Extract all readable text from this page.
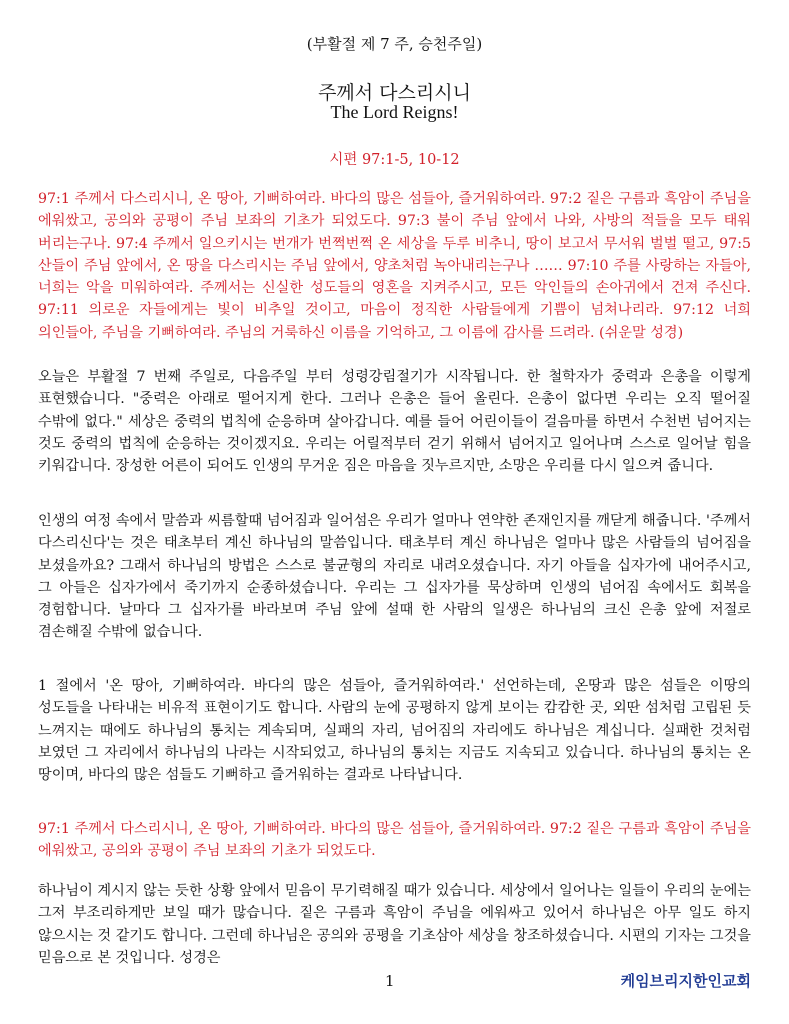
(부활절 제 7 주, 승천주일)
주께서 다스리시니
The Lord Reigns!
시편 97:1-5, 10-12
97:1 주께서 다스리시니, 온 땅아, 기뻐하여라. 바다의 많은 섬들아, 즐거워하여라. 97:2 짙은 구름과 흑암이 주님을 에워쌌고, 공의와 공평이 주님 보좌의 기초가 되었도다. 97:3 불이 주님 앞에서 나와, 사방의 적들을 모두 태워 버리는구나. 97:4 주께서 일으키시는 번개가 번쩍번쩍 온 세상을 두루 비추니, 땅이 보고서 무서워 벌벌 떨고, 97:5 산들이 주님 앞에서, 온 땅을 다스리시는 주님 앞에서, 양초처럼 녹아내리는구나 …… 97:10 주를 사랑하는 자들아, 너희는 악을 미워하여라. 주께서는 신실한 성도들의 영혼을 지켜주시고, 모든 악인들의 손아귀에서 건져 주신다. 97:11 의로운 자들에게는 빛이 비추일 것이고, 마음이 정직한 사람들에게 기쁨이 넘쳐나리라. 97:12 너희 의인들아, 주님을 기뻐하여라. 주님의 거룩하신 이름을 기억하고, 그 이름에 감사를 드려라. (쉬운말 성경)
오늘은 부활절 7 번째 주일로, 다음주일 부터 성령강림절기가 시작됩니다. 한 철학자가 중력과 은총을 이렇게 표현했습니다. "중력은 아래로 떨어지게 한다. 그러나 은총은 들어 올린다. 은총이 없다면 우리는 오직 떨어질 수밖에 없다." 세상은 중력의 법칙에 순응하며 살아갑니다. 예를 들어 어린이들이 걸음마를 하면서 수천번 넘어지는 것도 중력의 법칙에 순응하는 것이겠지요. 우리는 어릴적부터 걷기 위해서 넘어지고 일어나며 스스로 일어날 힘을 키워갑니다. 장성한 어른이 되어도 인생의 무거운 짐은 마음을 짓누르지만, 소망은 우리를 다시 일으켜 줍니다.
인생의 여정 속에서 말씀과 씨름할때 넘어짐과 일어섬은 우리가 얼마나 연약한 존재인지를 깨닫게 해줍니다. '주께서 다스리신다'는 것은 태초부터 계신 하나님의 말씀입니다. 태초부터 계신 하나님은 얼마나 많은 사람들의 넘어짐을 보셨을까요? 그래서 하나님의 방법은 스스로 불균형의 자리로 내려오셨습니다. 자기 아들을 십자가에 내어주시고, 그 아들은 십자가에서 죽기까지 순종하셨습니다. 우리는 그 십자가를 묵상하며 인생의 넘어짐 속에서도 회복을 경험합니다. 날마다 그 십자가를 바라보며 주님 앞에 설때 한 사람의 일생은 하나님의 크신 은총 앞에 저절로 겸손해질 수밖에 없습니다.
1 절에서 '온 땅아, 기뻐하여라. 바다의 많은 섬들아, 즐거워하여라.' 선언하는데, 온땅과 많은 섬들은 이땅의 성도들을 나타내는 비유적 표현이기도 합니다. 사람의 눈에 공평하지 않게 보이는 캄캄한 곳, 외딴 섬처럼 고립된 듯 느껴지는 때에도 하나님의 통치는 계속되며, 실패의 자리, 넘어짐의 자리에도 하나님은 계십니다. 실패한 것처럼 보였던 그 자리에서 하나님의 나라는 시작되었고, 하나님의 통치는 지금도 지속되고 있습니다. 하나님의 통치는 온 땅이며, 바다의 많은 섬들도 기뻐하고 즐거워하는 결과로 나타납니다.
97:1 주께서 다스리시니, 온 땅아, 기뻐하여라. 바다의 많은 섬들아, 즐거워하여라. 97:2 짙은 구름과 흑암이 주님을 에워쌌고, 공의와 공평이 주님 보좌의 기초가 되었도다.
하나님이 계시지 않는 듯한 상황 앞에서 믿음이 무기력해질 때가 있습니다. 세상에서 일어나는 일들이 우리의 눈에는 그저 부조리하게만 보일 때가 많습니다. 짙은 구름과 흑암이 주님을 에워싸고 있어서 하나님은 아무 일도 하지 않으시는 것 같기도 합니다. 그런데 하나님은 공의와 공평을 기초삼아 세상을 창조하셨습니다. 시편의 기자는 그것을 믿음으로 본 것입니다. 성경은
1	케임브리지한인교회
